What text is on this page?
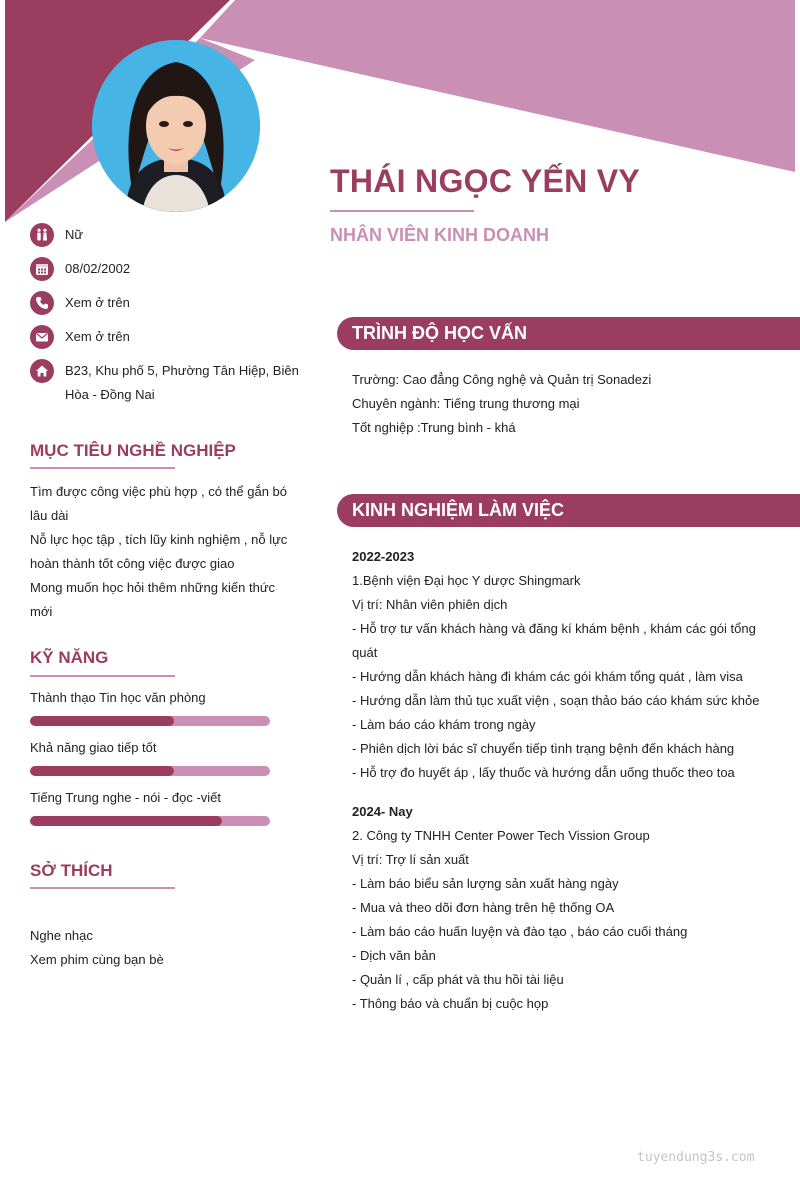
THÁI NGỌC YẾN VY
NHÂN VIÊN KINH DOANH
Nữ
08/02/2002
Xem ở trên
Xem ở trên
B23, Khu phố 5, Phường Tân Hiệp, Biên Hòa - Đồng Nai
MỤC TIÊU NGHỀ NGHIỆP
Tìm được công việc phù hợp , có thể gắn bó lâu dài
Nỗ lực học tập , tích lũy kinh nghiệm , nỗ lực hoàn thành tốt công việc được giao
Mong muốn học hỏi thêm những kiến thức mới
KỸ NĂNG
Thành thạo Tin học văn phòng
Khả năng giao tiếp tốt
Tiếng Trung nghe - nói - đọc -viết
SỞ THÍCH
Nghe nhạc
Xem phim cùng bạn bè
TRÌNH ĐỘ HỌC VẤN
Trường: Cao đẳng Công nghệ và Quản trị Sonadezi
Chuyên ngành: Tiếng trung thương mại
Tốt nghiệp :Trung bình - khá
KINH NGHIỆM LÀM VIỆC
2022-2023
1.Bệnh viện Đại học Y dược Shingmark
Vị trí: Nhân viên phiên dịch
- Hỗ trợ tư vấn khách hàng và đăng kí khám bệnh , khám các gói tổng quát
- Hướng dẫn khách hàng đi khám các gói khám tổng quát , làm visa
- Hướng dẫn làm thủ tục xuất viện , soạn thảo báo cáo khám sức khỏe
- Làm báo cáo khám trong ngày
- Phiên dịch lời bác sĩ chuyển tiếp tình trạng bệnh đến khách hàng
- Hỗ trợ đo huyết áp , lấy thuốc và hướng dẫn uống thuốc theo toa
2024- Nay
2. Công ty TNHH Center Power Tech Vission Group
Vị trí: Trợ lí sản xuất
- Làm báo biểu sản lượng sản xuất hàng ngày
- Mua và theo dõi đơn hàng trên hệ thống OA
- Làm báo cáo huấn luyện và đào tạo , báo cáo cuối tháng
- Dịch văn bản
- Quản lí , cấp phát và thu hồi tài liệu
- Thông báo và chuẩn bị cuộc họp
tuyendung3s.com
